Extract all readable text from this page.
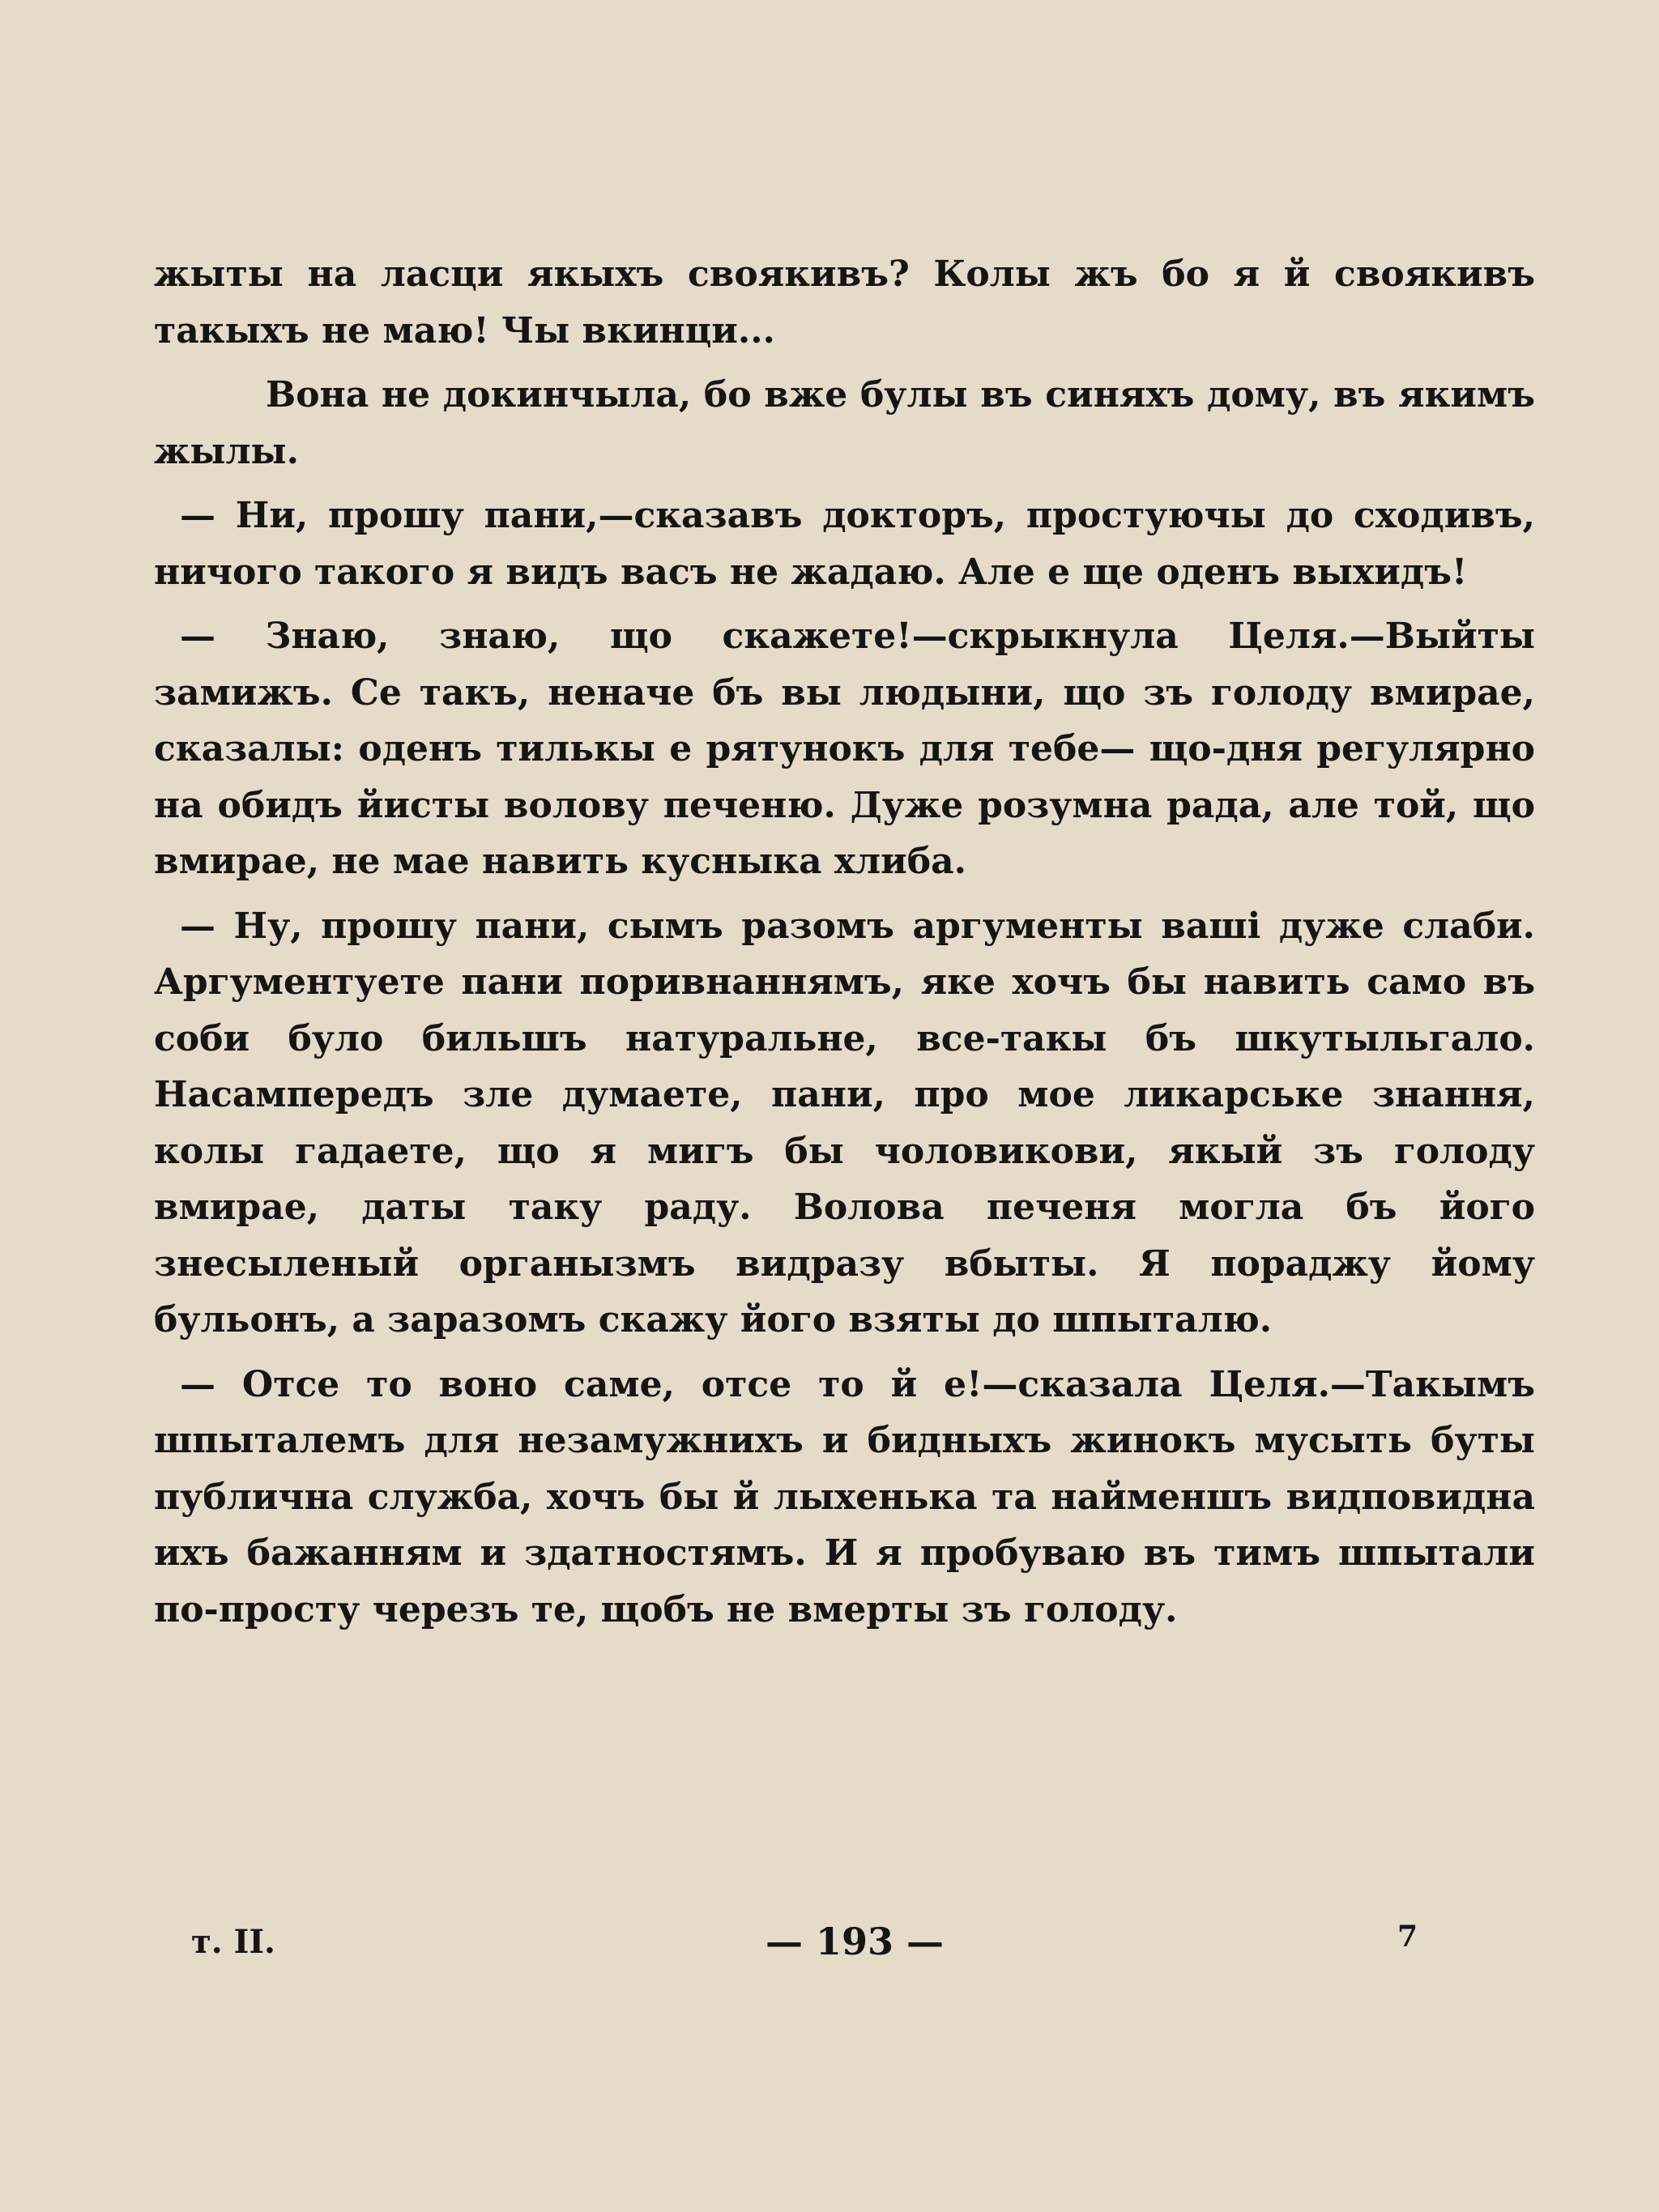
жыты на ласци якыхъ своякивъ? Колы жъ бо я й своякивъ такыхъ не маю! Чы вкинци...

Вона не докинчыла, бо вже булы въ синяхъ дому, въ якимъ жылы.

— Ни, прошу пани,—сказавъ докторъ, простуючы до сходивъ, ничого такого я видъ васъ не жадаю. Але е ще оденъ выхидъ!

— Знаю, знаю, що скажете!—скрыкнула Целя.—Выйты замижъ. Се такъ, неначе бъ вы людыни, що зъ голоду вмирае, сказалы: оденъ тилькы е рятунокъ для тебе— що-дня регулярно на обидъ йисты волову печеню. Дуже розумна рада, але той, що вмирае, не мае навить кусныка хлиба.

— Ну, прошу пани, сымъ разомъ аргументы вашi дуже слаби. Аргументуете пани поривнаннямъ, якe хочъ бы навить само въ соби було бильшъ натуральне, все-такы бъ шкутыльгало. Насампередъ зле думаете, пани, про мое ликарське знання, колы гадаете, що я мигъ бы чоловикови, якый зъ голоду вмирае, даты таку раду. Волова печеня могла бъ його знесыленый органызмъ видразу вбыты. Я пораджу йому бульонъ, а заразомъ скажу його взяты до шпыталю.

— Отсе то воно саме, отсе то й е!—сказала Целя.—Такымъ шпыталемъ для незамужнихъ и бидныхъ жинокъ мусыть буты публична служба, хочъ бы й лыхенька та найменшъ видповидна ихъ бажанням и здатностямъ. И я пробуваю въ тимъ шпытали по-просту черезъ те, щобъ не вмерты зъ голоду.

т. II.	— 193 —	7
